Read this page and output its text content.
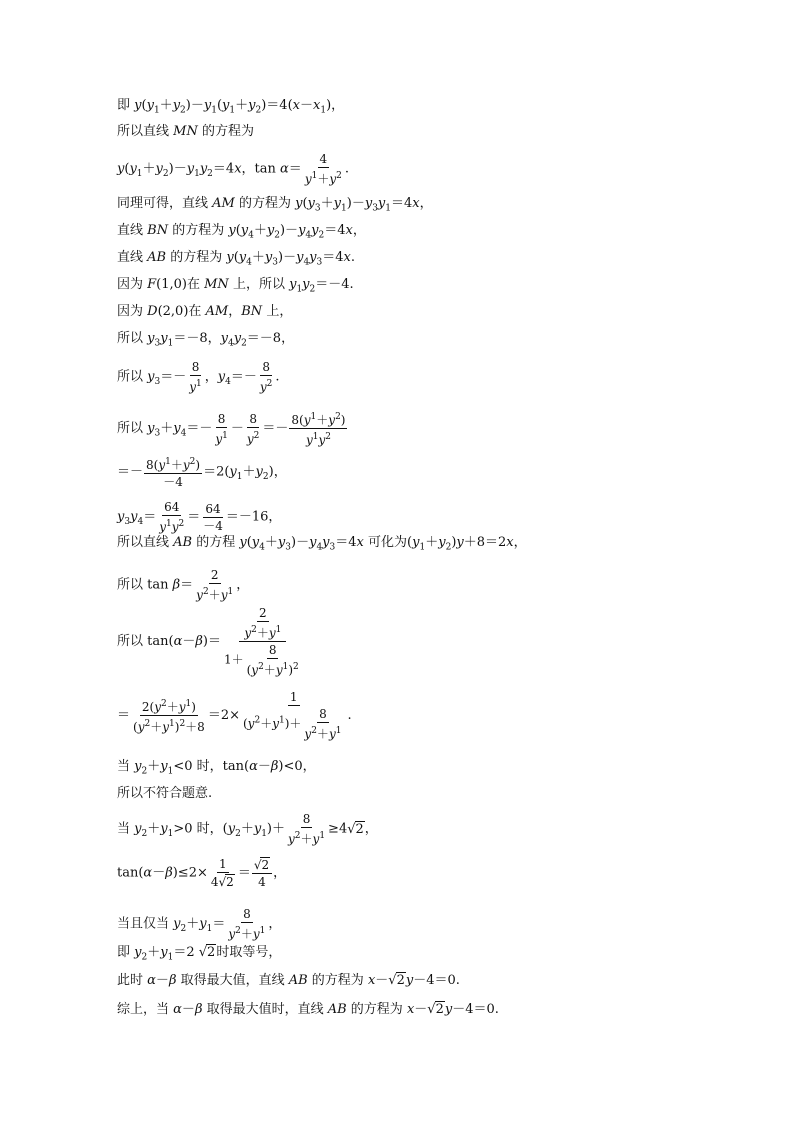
即 $y(y_1+y_2)-y_1(y_1+y_2)=4(x-x_1)$，
所以直线 MN 的方程为
$y(y_1+y_2)-y_1y_2=4x$，$\tan \alpha= \frac{4}{y^1+y^2}$ .
同理可得，直线 AM 的方程为 $y(y_3+y_1)-y_3y_1=4x$，
直线 BN 的方程为 $y(y_4+y_2)-y_4y_2=4x$，
直线 AB 的方程为 $y(y_4+y_3)-y_4y_3=4x$.
因为 F(1,0)在 MN 上，所以 $y_1y_2=-4$.
因为 D(2,0)在 AM，BN 上，
所以 $y_3y_1=-8$，$y_4y_2=-8$，
所以 $y_3=- \frac{8}{y^1}$ ，$y_4=- \frac{8}{y^2}$ .
所以 $y_3+y_4=- \frac{8}{y^1} - \frac{8}{y^2} =- \frac{8(y^1+y^2)}{y^1y^2}$
＝－ $\frac{8(y^1+y^2)}{-4} =2(y_1+y_2)$，
$y_3y_4= \frac{64}{y^1y^2} = \frac{64}{-4} =-16$，
所以直线 AB 的方程 $y(y_4+y_3)-y_4y_3=4x$ 可化为$(y_1+y_2)y+8=2x$，
所以 $\tan \beta= \frac{2}{y^2+y^1}$ ，
所以 $\tan(\alpha-\beta)= \frac{\frac{2}{y^2+y^1}}{1+ \frac{8}{(y^2+y^1)^2}}$
＝ $\frac{2(y^2+y^1)}{(y^2+y^1)^2+8} =2\times \frac{1}{(y^2+y^1)+ \frac{8}{y^2+y^1}}$ .
当 $y_2+y_1<0$ 时，tan(α－β)<0，
所以不符合题意.
当 $y_2+y_1>0$ 时，$(y_2+y_1)+ \frac{8}{y^2+y^1} \ge 4√2$，
$\tan(\alpha-\beta)\le 2\times \frac{1}{4√2} = \frac{√2}{4}$ ，
当且仅当 $y_2+y_1= \frac{8}{y^2+y^1}$ ，
即 $y_2+y_1=2$ √2时取等号，
此时 α－β 取得最大值，直线 AB 的方程为 x－√2y－4＝0.
综上，当 α－β 取得最大值时，直线 AB 的方程为 x－√2y－4＝0.
